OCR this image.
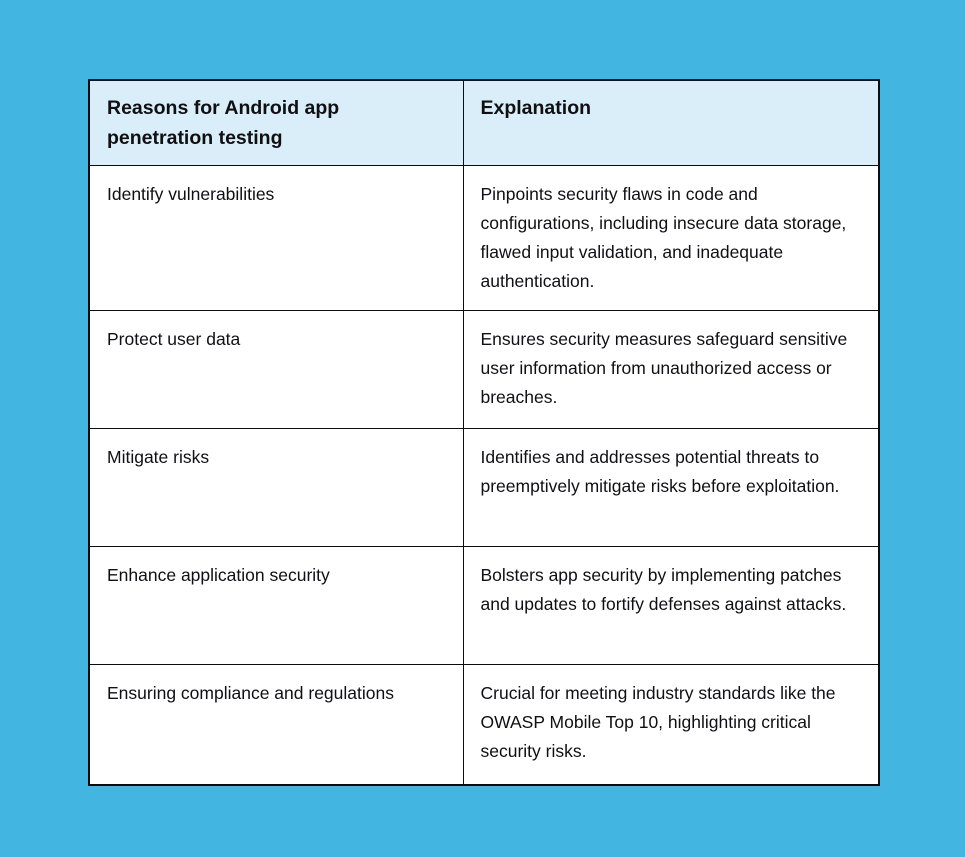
Reasons for Android app penetration testing	Explanation
Identify vulnerabilities	Pinpoints security flaws in code and configurations, including insecure data storage, flawed input validation, and inadequate authentication.
Protect user data	Ensures security measures safeguard sensitive user information from unauthorized access or breaches.
Mitigate risks	Identifies and addresses potential threats to preemptively mitigate risks before exploitation.
Enhance application security	Bolsters app security by implementing patches and updates to fortify defenses against attacks.
Ensuring compliance and regulations	Crucial for meeting industry standards like the OWASP Mobile Top 10, highlighting critical security risks.
